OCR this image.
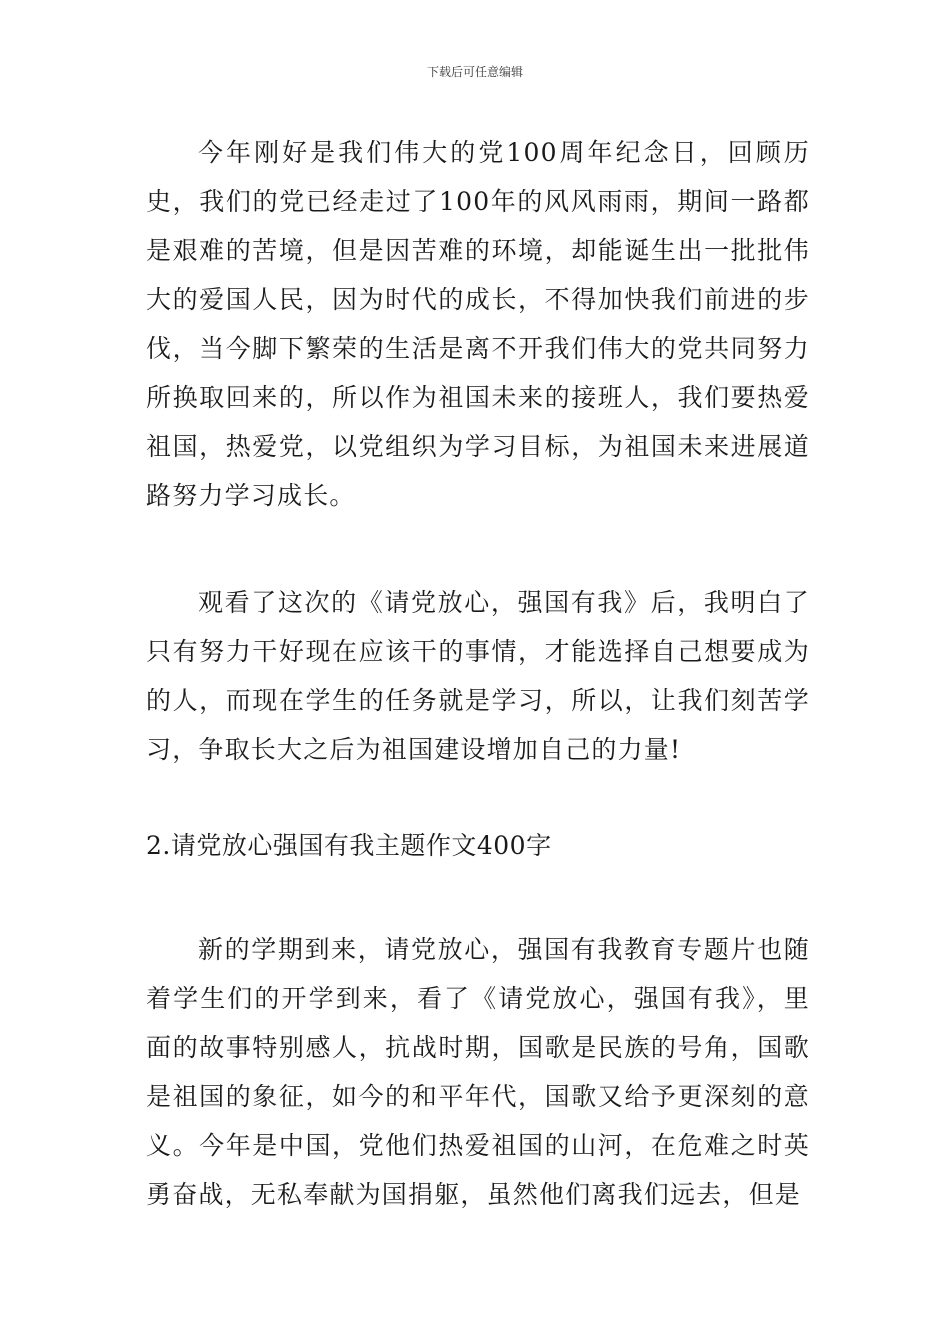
下载后可任意编辑

今年刚好是我们伟大的党100周年纪念日，回顾历史，我们的党已经走过了100年的风风雨雨，期间一路都是艰难的苦境，但是因苦难的环境，却能诞生出一批批伟大的爱国人民，因为时代的成长，不得加快我们前进的步伐，当今脚下繁荣的生活是离不开我们伟大的党共同努力所换取回来的，所以作为祖国未来的接班人，我们要热爱祖国，热爱党，以党组织为学习目标，为祖国未来进展道路努力学习成长。

观看了这次的《请党放心，强国有我》后，我明白了只有努力干好现在应该干的事情，才能选择自己想要成为的人，而现在学生的任务就是学习，所以，让我们刻苦学习，争取长大之后为祖国建设增加自己的力量!

2.请党放心强国有我主题作文400字

新的学期到来，请党放心，强国有我教育专题片也随着学生们的开学到来，看了《请党放心，强国有我》，里面的故事特别感人，抗战时期，国歌是民族的号角，国歌是祖国的象征，如今的和平年代，国歌又给予更深刻的意义。今年是中国，党他们热爱祖国的山河，在危难之时英勇奋战，无私奉献为国捐躯，虽然他们离我们远去，但是
